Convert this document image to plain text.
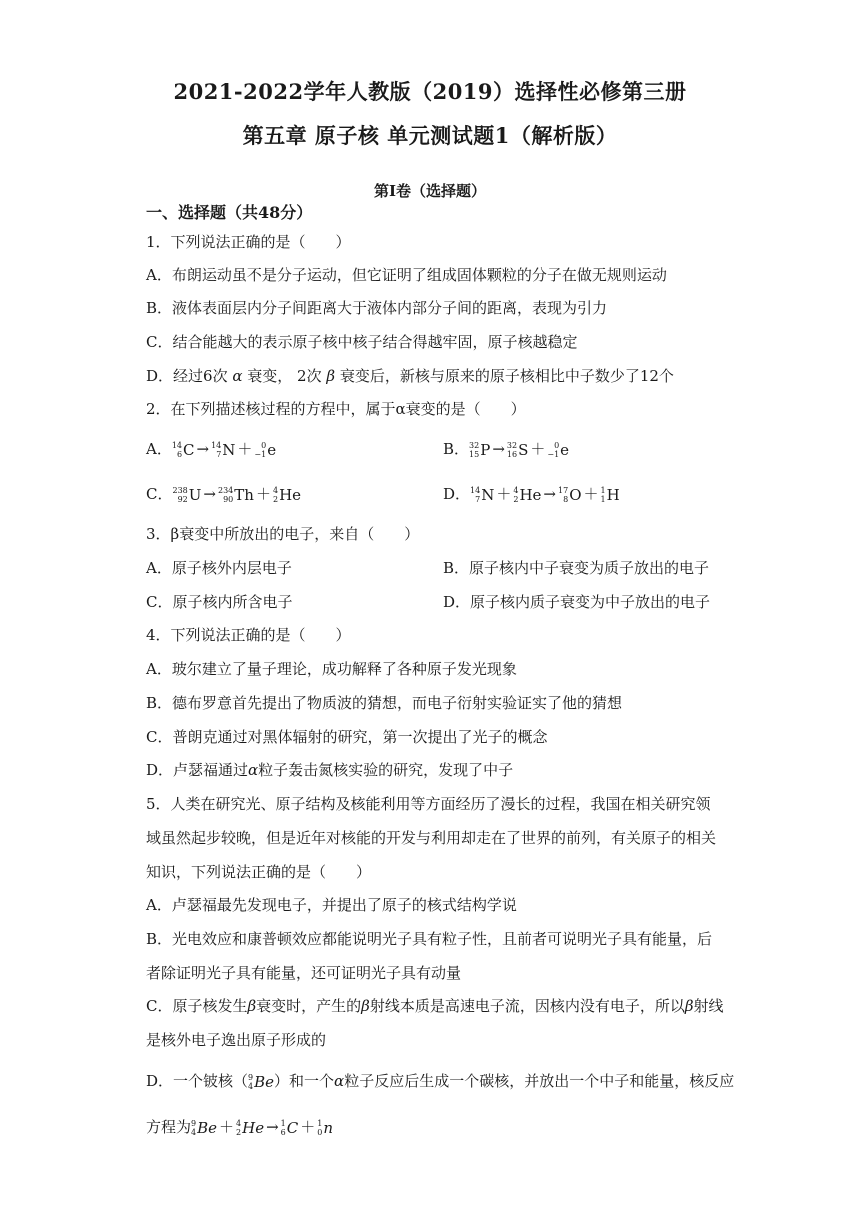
2021-2022学年人教版（2019）选择性必修第三册
第五章 原子核 单元测试题1（解析版）
第Ⅰ卷（选择题）
一、选择题（共48分）
1．下列说法正确的是（　　）
A．布朗运动虽不是分子运动，但它证明了组成固体颗粒的分子在做无规则运动
B．液体表面层内分子间距离大于液体内部分子间的距离，表现为引力
C．结合能越大的表示原子核中核子结合得越牢固，原子核越稳定
D．经过6次 α 衰变， 2次 β 衰变后，新核与原来的原子核相比中子数少了12个
2．在下列描述核过程的方程中，属于α衰变的是（　　）
A． 14
6 C → 14
7 N ＋ 0
−1 e	B． 32
15 P → 32
16 S ＋ 0
−1 e
C． 238
92 U → 234
90 Th ＋ 4
2 He	D． 14
7 N ＋ 4
2 He → 17
8 O ＋ 1
1 H
3．β衰变中所放出的电子，来自（　　）
A．原子核外内层电子	B．原子核内中子衰变为质子放出的电子
C．原子核内所含电子	D．原子核内质子衰变为中子放出的电子
4．下列说法正确的是（　　）
A．玻尔建立了量子理论，成功解释了各种原子发光现象
B．德布罗意首先提出了物质波的猜想，而电子衍射实验证实了他的猜想
C．普朗克通过对黑体辐射的研究，第一次提出了光子的概念
D．卢瑟福通过α粒子轰击氮核实验的研究，发现了中子
5．人类在研究光、原子结构及核能利用等方面经历了漫长的过程，我国在相关研究领
域虽然起步较晚，但是近年对核能的开发与利用却走在了世界的前列，有关原子的相关
知识，下列说法正确的是（　　）
A．卢瑟福最先发现电子，并提出了原子的核式结构学说
B．光电效应和康普顿效应都能说明光子具有粒子性，且前者可说明光子具有能量，后
者除证明光子具有能量，还可证明光子具有动量
C．原子核发生β衰变时，产生的β射线本质是高速电子流，因核内没有电子，所以β射线
是核外电子逸出原子形成的
D．一个铍核（ 9
4 Be ）和一个α粒子反应后生成一个碳核，并放出一个中子和能量，核反应
方程为 9
4 Be ＋ 4
2 He → 1
6 C ＋ 1
0 n
